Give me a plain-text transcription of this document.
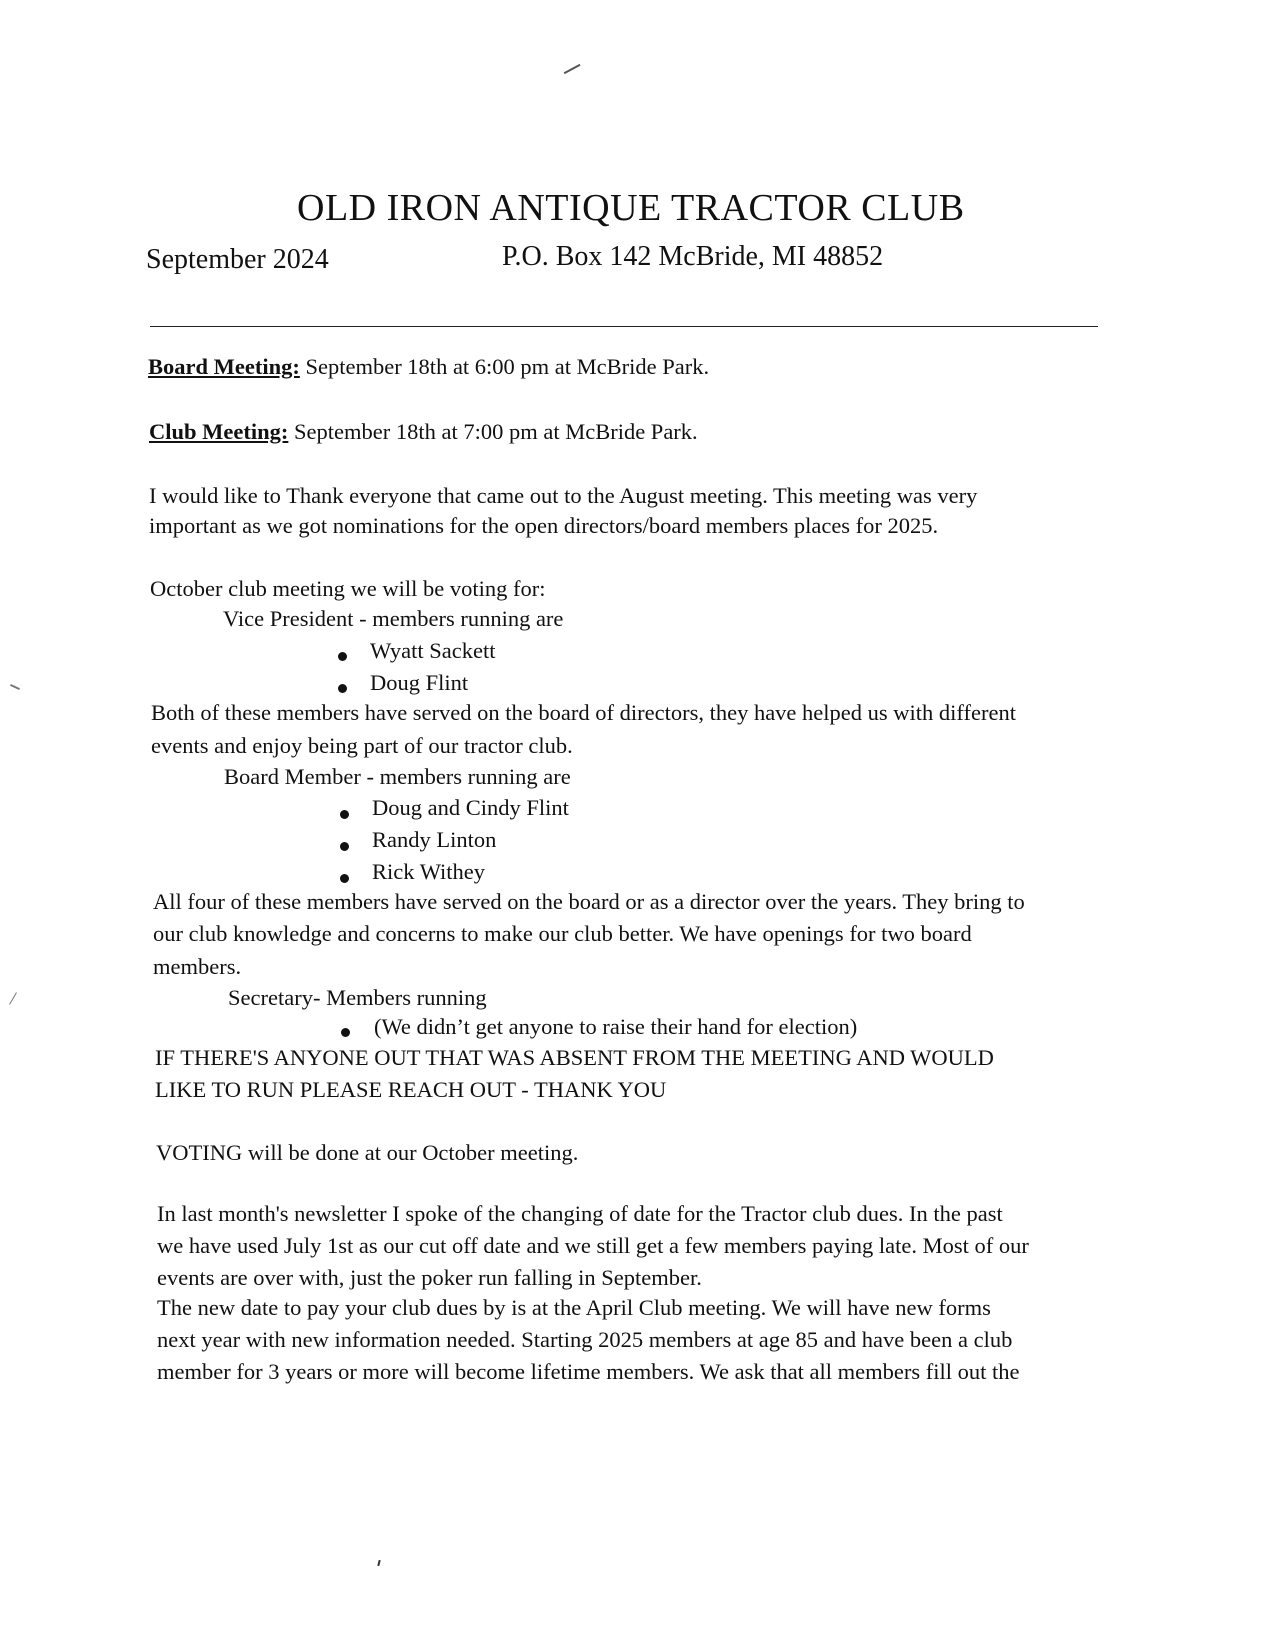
OLD IRON ANTIQUE TRACTOR CLUB
September 2024	P.O. Box 142 McBride, MI 48852
Board Meeting: September 18th at 6:00 pm at McBride Park.
Club Meeting: September 18th at 7:00 pm at McBride Park.
I would like to Thank everyone that came out to the August meeting. This meeting was very
important as we got nominations for the open directors/board members places for 2025.
October club meeting we will be voting for:
Vice President - members running are
Wyatt Sackett
Doug Flint
Both of these members have served on the board of directors, they have helped us with different
events and enjoy being part of our tractor club.
Board Member - members running are
Doug and Cindy Flint
Randy Linton
Rick Withey
All four of these members have served on the board or as a director over the years. They bring to
our club knowledge and concerns to make our club better. We have openings for two board
members.
Secretary- Members running
(We didn’t get anyone to raise their hand for election)
IF THERE'S ANYONE OUT THAT WAS ABSENT FROM THE MEETING AND WOULD
LIKE TO RUN PLEASE REACH OUT - THANK YOU
VOTING will be done at our October meeting.
In last month's newsletter I spoke of the changing of date for the Tractor club dues. In the past
we have used July 1st as our cut off date and we still get a few members paying late. Most of our
events are over with, just the poker run falling in September.
The new date to pay your club dues by is at the April Club meeting. We will have new forms
next year with new information needed. Starting 2025 members at age 85 and have been a club
member for 3 years or more will become lifetime members. We ask that all members fill out the
